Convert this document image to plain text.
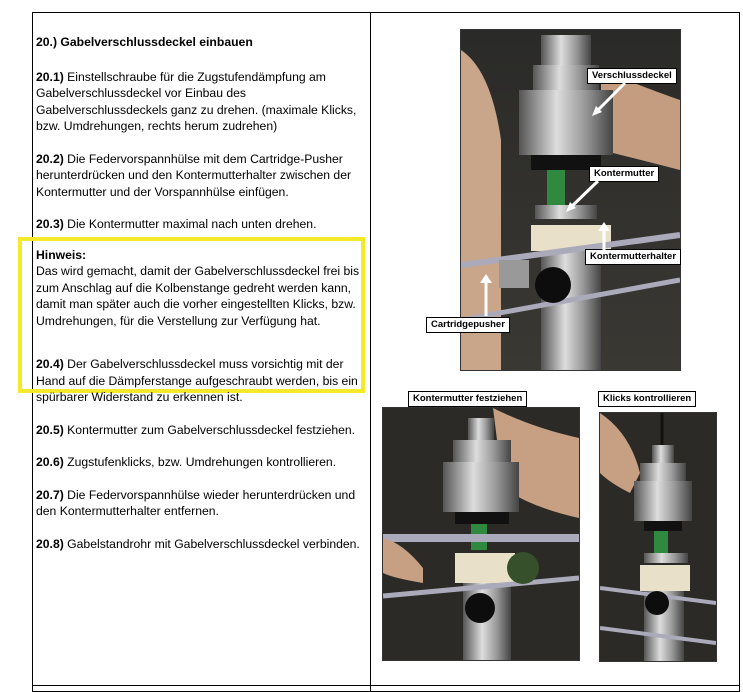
20.) Gabelverschlussdeckel einbauen

20.1) Einstellschraube für die Zugstufendämpfung am Gabelverschlussdeckel vor Einbau des Gabelverschlussdeckels ganz zu drehen. (maximale Klicks, bzw. Umdrehungen, rechts herum zudrehen)

20.2) Die Federvorspannhülse mit dem Cartridge-Pusher herunterdrücken und den Kontermutterhalter zwischen der Kontermutter und der Vorspannhülse einfügen.

20.3) Die Kontermutter maximal nach unten drehen.

Hinweis:

Das wird gemacht, damit der Gabelverschlussdeckel frei bis zum Anschlag auf die Kolbenstange gedreht werden kann, damit man später auch die vorher eingestellten Klicks, bzw. Umdrehungen, für die Verstellung zur Verfügung hat.

20.4) Der Gabelverschlussdeckel muss vorsichtig mit der Hand auf die Dämpferstange aufgeschraubt werden, bis ein spürbarer Widerstand zu erkennen ist.

20.5) Kontermutter zum Gabelverschlussdeckel festziehen.

20.6) Zugstufenklicks, bzw. Umdrehungen kontrollieren.

20.7) Die Federvorspannhülse wieder herunterdrücken und den Kontermutterhalter entfernen.

20.8) Gabelstandrohr mit Gabelverschlussdeckel verbinden.

Verschlussdeckel
Kontermutter
Kontermutterhalter
Cartridgepusher
Kontermutter festziehen	Klicks kontrollieren
